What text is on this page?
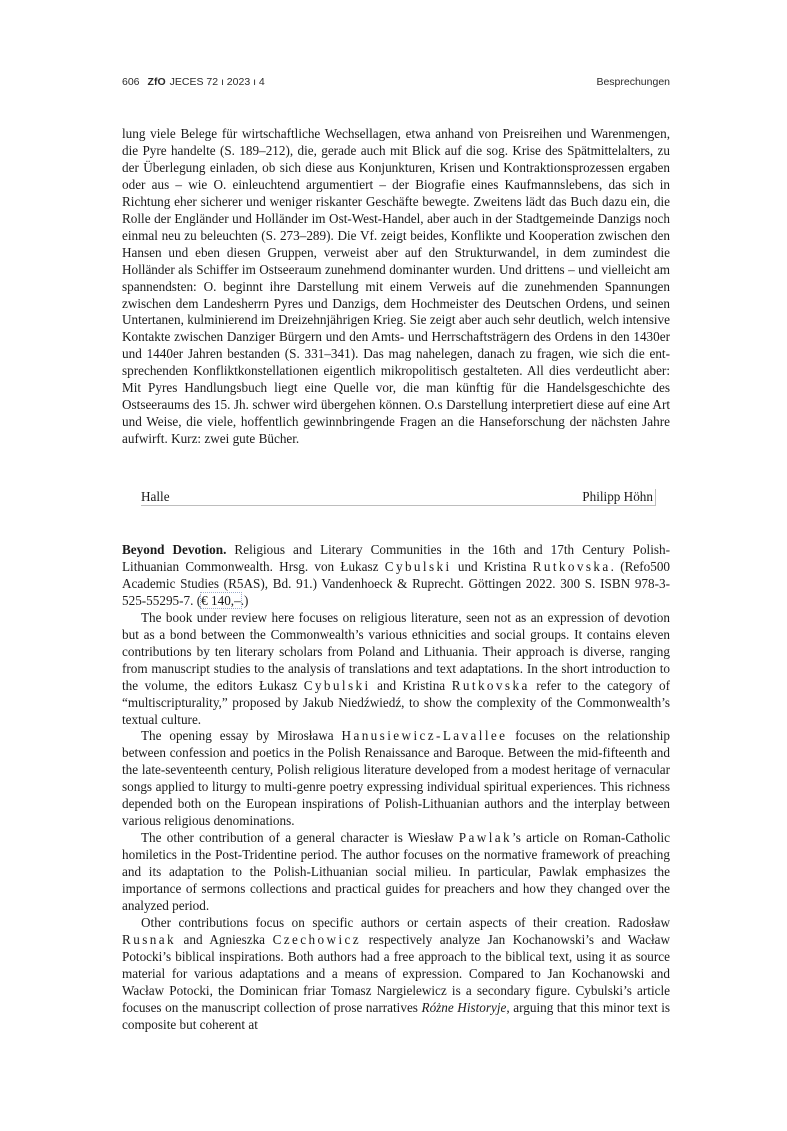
606 ZfO JECES 72 ı 2023 ı 4	Besprechungen
lung viele Belege für wirtschaftliche Wechsellagen, etwa anhand von Preisreihen und Warenmengen, die Pyre handelte (S. 189–212), die, gerade auch mit Blick auf die sog. Krise des Spätmittelalters, zu der Überlegung einladen, ob sich diese aus Konjunkturen, Krisen und Kontraktionsprozessen ergaben oder aus – wie O. einleuchtend argumentiert – der Biografie eines Kaufmannslebens, das sich in Richtung eher sicherer und weniger riskanter Geschäfte bewegte. Zweitens lädt das Buch dazu ein, die Rolle der Engländer und Holländer im Ost-West-Handel, aber auch in der Stadtgemeinde Danzigs noch einmal neu zu beleuchten (S. 273–289). Die Vf. zeigt beides, Konflikte und Kooperation zwischen den Hansen und eben diesen Gruppen, verweist aber auf den Strukturwandel, in dem zumindest die Holländer als Schiffer im Ostseeraum zunehmend dominanter wurden. Und drittens – und vielleicht am spannendsten: O. beginnt ihre Darstellung mit einem Verweis auf die zunehmenden Spannungen zwischen dem Landesherrn Pyres und Danzigs, dem Hochmeister des Deutschen Ordens, und seinen Untertanen, kulminierend im Dreizehnjährigen Krieg. Sie zeigt aber auch sehr deutlich, welch intensive Kontakte zwischen Danziger Bürgern und den Amts- und Herrschaftsträgern des Ordens in den 1430er und 1440er Jahren bestanden (S. 331–341). Das mag nahelegen, danach zu fragen, wie sich die entsprechenden Konfliktkonstellationen eigentlich mikropolitisch gestalteten. All dies verdeutlicht aber: Mit Pyres Handlungsbuch liegt eine Quelle vor, die man künftig für die Handelsgeschichte des Ostseeraums des 15. Jh. schwer wird übergehen können. O.s Darstellung interpretiert diese auf eine Art und Weise, die viele, hoffentlich gewinnbringende Fragen an die Hanseforschung der nächsten Jahre aufwirft. Kurz: zwei gute Bücher.
Halle	Philipp Höhn

Beyond Devotion. Religious and Literary Communities in the 16th and 17th Century Polish-Lithuanian Commonwealth. Hrsg. von Łukasz Cybulski und Kristina Rutkovska. (Refo500 Academic Studies (R5AS), Bd. 91.) Vandenhoeck & Ruprecht. Göttingen 2022. 300 S. ISBN 978-3-525-55295-7. (€ 140,–.)

The book under review here focuses on religious literature, seen not as an expression of devotion but as a bond between the Commonwealth’s various ethnicities and social groups. It contains eleven contributions by ten literary scholars from Poland and Lithuania. Their approach is diverse, ranging from manuscript studies to the analysis of translations and text adaptations. In the short introduction to the volume, the editors Łukasz Cybulski and Kristina Rutkovska refer to the category of “multiscripturality,” proposed by Jakub Niedźwiedź, to show the complexity of the Commonwealth’s textual culture.

The opening essay by Mirosława Hanusiewicz-Lavallee focuses on the relationship between confession and poetics in the Polish Renaissance and Baroque. Between the mid-fifteenth and the late-seventeenth century, Polish religious literature developed from a modest heritage of vernacular songs applied to liturgy to multi-genre poetry expressing individual spiritual experiences. This richness depended both on the European inspirations of Polish-Lithuanian authors and the interplay between various religious denominations.

The other contribution of a general character is Wiesław Pawlak’s article on Roman-Catholic homiletics in the Post-Tridentine period. The author focuses on the normative framework of preaching and its adaptation to the Polish-Lithuanian social milieu. In particular, Pawlak emphasizes the importance of sermons collections and practical guides for preachers and how they changed over the analyzed period.

Other contributions focus on specific authors or certain aspects of their creation. Radosław Rusnak and Agnieszka Czechowicz respectively analyze Jan Kochanowski’s and Wacław Potocki’s biblical inspirations. Both authors had a free approach to the biblical text, using it as source material for various adaptations and a means of expression. Compared to Jan Kochanowski and Wacław Potocki, the Dominican friar Tomasz Nargielewicz is a secondary figure. Cybulski’s article focuses on the manuscript collection of prose narratives Różne Historyje, arguing that this minor text is composite but coherent at
